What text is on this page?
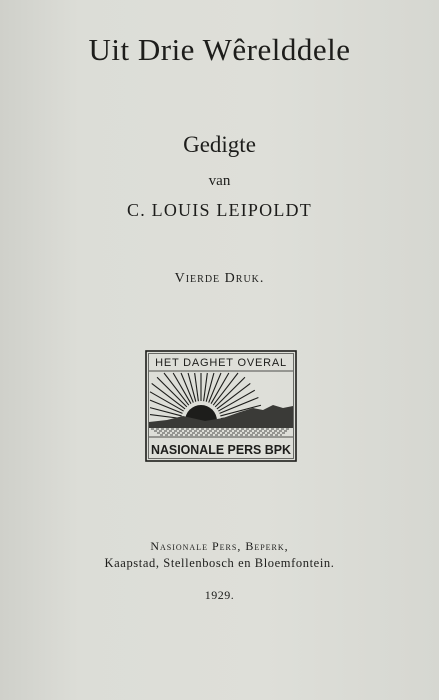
Uit Drie Wêrelddele
Gedigte
van
C. LOUIS LEIPOLDT
Vierde Druk.
HET DAGHET OVERAL
NASIONALE PERS BPK
Nasionale Pers, Beperk,
Kaapstad, Stellenbosch en Bloemfontein.
1929.
